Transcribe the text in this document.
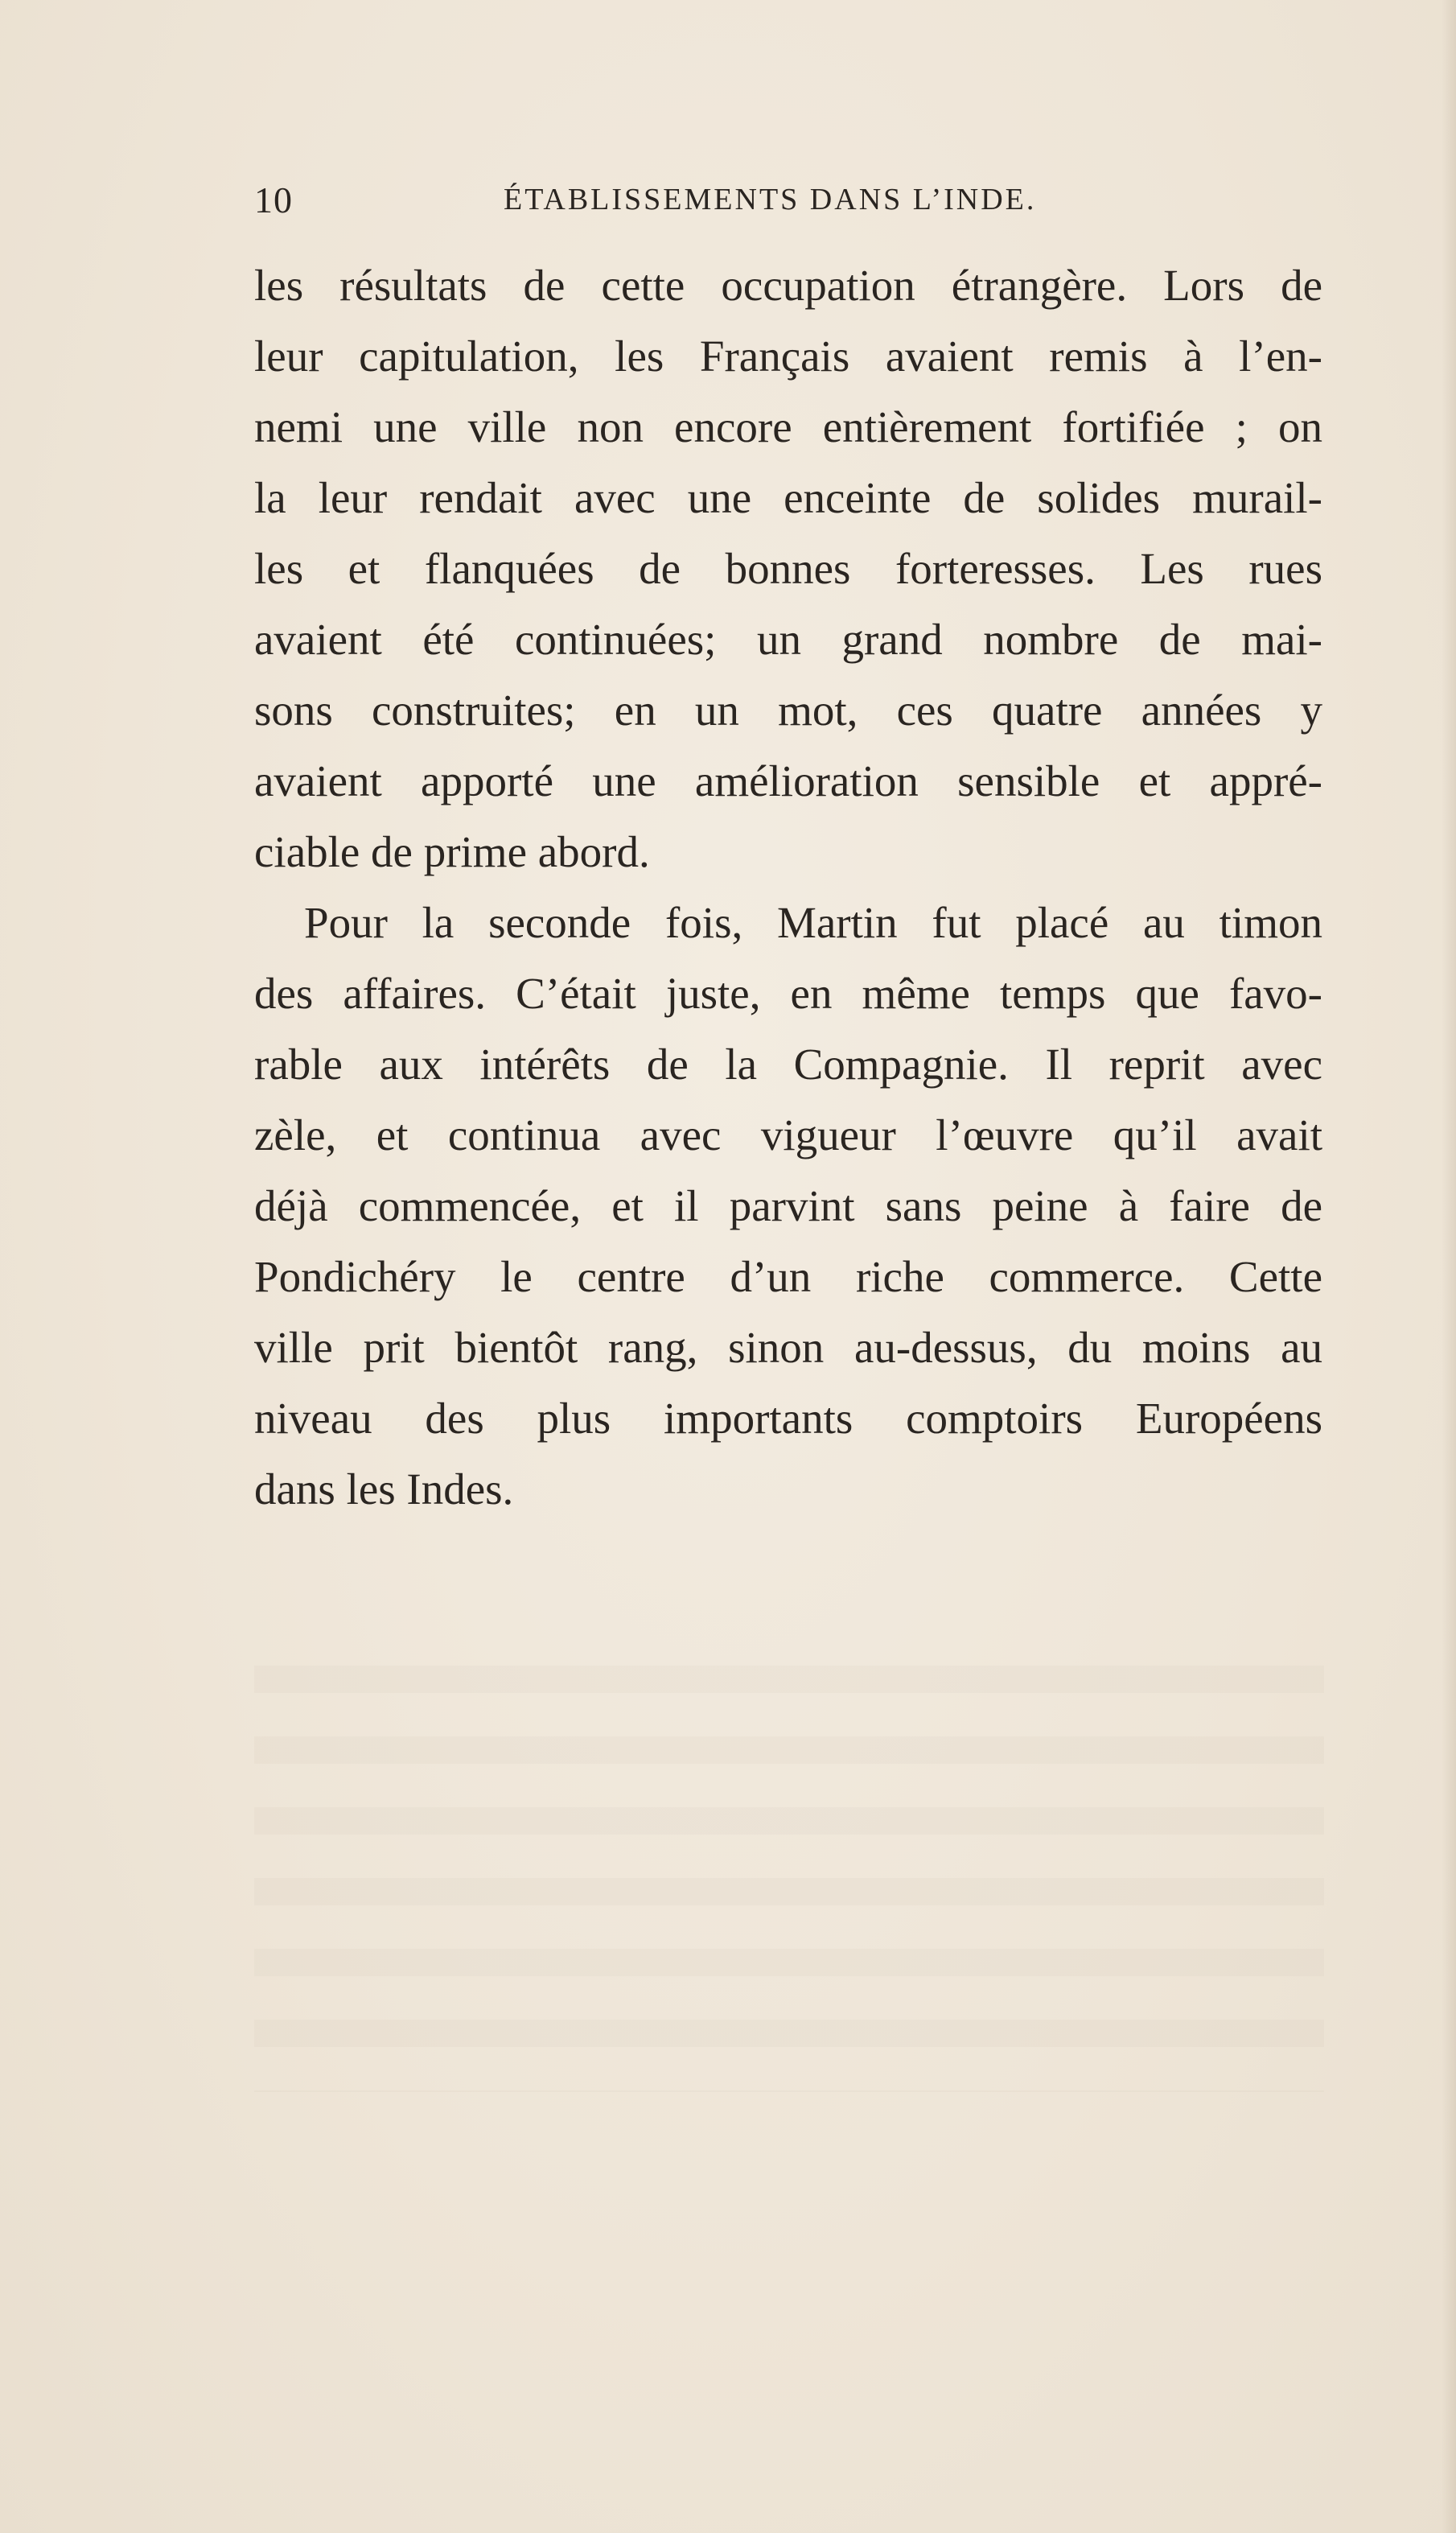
10	ÉTABLISSEMENTS DANS L’INDE.
les résultats de cette occupation étrangère. Lors de
leur capitulation, les Français avaient remis à l’en-
nemi une ville non encore entièrement fortifiée ; on
la leur rendait avec une enceinte de solides murail-
les et flanquées de bonnes forteresses. Les rues
avaient été continuées; un grand nombre de mai-
sons construites; en un mot, ces quatre années y
avaient apporté une amélioration sensible et appré-
ciable de prime abord.
Pour la seconde fois, Martin fut placé au timon
des affaires. C’était juste, en même temps que favo-
rable aux intérêts de la Compagnie. Il reprit avec
zèle, et continua avec vigueur l’œuvre qu’il avait
déjà commencée, et il parvint sans peine à faire de
Pondichéry le centre d’un riche commerce. Cette
ville prit bientôt rang, sinon au-dessus, du moins au
niveau des plus importants comptoirs Européens
dans les Indes.
